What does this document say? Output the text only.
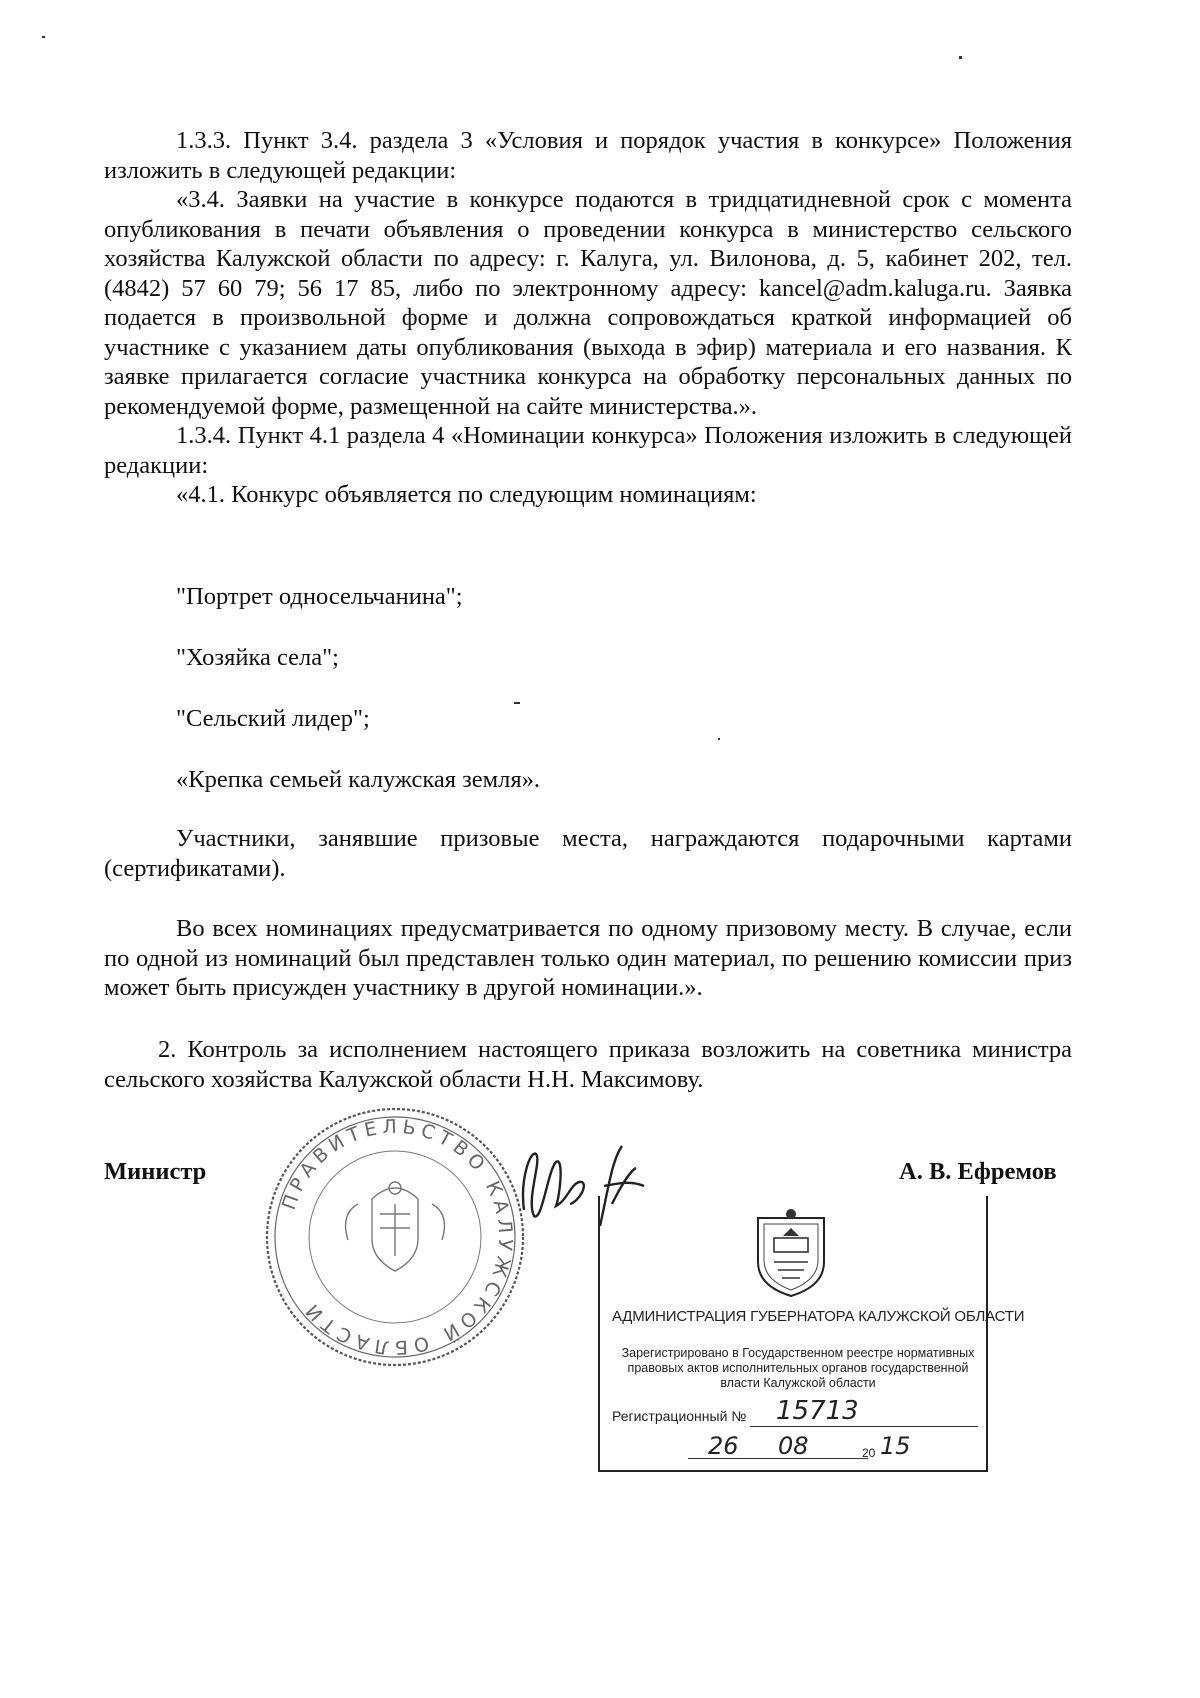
1.3.3. Пункт 3.4. раздела 3 «Условия и порядок участия в конкурсе» Положения изложить в следующей редакции:

«3.4. Заявки на участие в конкурсе подаются в тридцатидневной срок с момента опубликования в печати объявления о проведении конкурса в министерство сельского хозяйства Калужской области по адресу: г. Калуга, ул. Вилонова, д. 5, кабинет 202, тел. (4842) 57 60 79; 56 17 85, либо по электронному адресу: kancel@adm.kaluga.ru. Заявка подается в произвольной форме и должна сопровождаться краткой информацией об участнике с указанием даты опубликования (выхода в эфир) материала и его названия. К заявке прилагается согласие участника конкурса на обработку персональных данных по рекомендуемой форме, размещенной на сайте министерства.».

1.3.4. Пункт 4.1 раздела 4 «Номинации конкурса» Положения изложить в следующей редакции:

«4.1. Конкурс объявляется по следующим номинациям:

"Портрет односельчанина";
"Хозяйка села";
"Сельский лидер";
«Крепка семьей калужская земля».

Участники, занявшие призовые места, награждаются подарочными картами (сертификатами).

Во всех номинациях предусматривается по одному призовому месту. В случае, если по одной из номинаций был представлен только один материал, по решению комиссии приз может быть присужден участнику в другой номинации.».

2. Контроль за исполнением настоящего приказа возложить на советника министра сельского хозяйства Калужской области Н.Н. Максимову.

Министр	А. В. Ефремов
ПРАВИТЕЛЬСТВО КАЛУЖСКОЙ ОБЛАСТИ	АДМИНИСТРАЦИЯ ГУБЕРНАТОРА КАЛУЖСКОЙ ОБЛАСТИ
Зарегистрировано в Государственном реестре нормативных правовых актов исполнительных органов государственной власти Калужской области
Регистрационный № 15713
26 08	20 15
